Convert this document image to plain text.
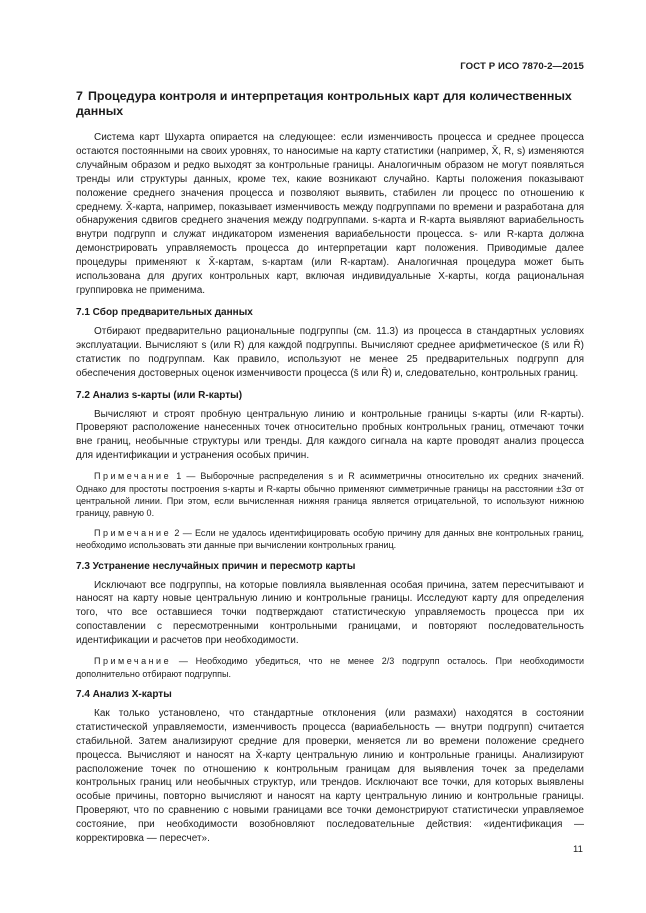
ГОСТ Р ИСО 7870-2—2015
7 Процедура контроля и интерпретация контрольных карт для количественных данных

Система карт Шухарта опирается на следующее: если изменчивость процесса и среднее процесса остаются постоянными на своих уровнях, то наносимые на карту статистики (например, X̄, R, s) изменяются случайным образом и редко выходят за контрольные границы. Аналогичным образом не могут появляться тренды или структуры данных, кроме тех, какие возникают случайно. Карты положения показывают положение среднего значения процесса и позволяют выявить, стабилен ли процесс по отношению к среднему. X̄-карта, например, показывает изменчивость между подгруппами по времени и разработана для обнаружения сдвигов среднего значения между подгруппами. s-карта и R-карта выявляют вариабельность внутри подгрупп и служат индикатором изменения вариабельности процесса. s- или R-карта должна демонстрировать управляемость процесса до интерпретации карт положения. Приводимые далее процедуры применяют к X̄-картам, s-картам (или R-картам). Аналогичная процедура может быть использована для других контрольных карт, включая индивидуальные X-карты, когда рациональная группировка не применима.

7.1 Сбор предварительных данных

Отбирают предварительно рациональные подгруппы (см. 11.3) из процесса в стандартных условиях эксплуатации. Вычисляют s (или R) для каждой подгруппы. Вычисляют среднее арифметическое (s̄ или R̄) статистик по подгруппам. Как правило, используют не менее 25 предварительных подгрупп для обеспечения достоверных оценок изменчивости процесса (s̄ или R̄) и, следовательно, контрольных границ.

7.2 Анализ s-карты (или R-карты)

Вычисляют и строят пробную центральную линию и контрольные границы s-карты (или R-карты). Проверяют расположение нанесенных точек относительно пробных контрольных границ, отмечают точки вне границ, необычные структуры или тренды. Для каждого сигнала на карте проводят анализ процесса для идентификации и устранения особых причин.

Примечание 1 — Выборочные распределения s и R асимметричны относительно их средних значений. Однако для простоты построения s-карты и R-карты обычно применяют симметричные границы на расстоянии ±3σ от центральной линии. При этом, если вычисленная нижняя граница является отрицательной, то используют нижнюю границу, равную 0.
Примечание 2 — Если не удалось идентифицировать особую причину для данных вне контрольных границ, необходимо использовать эти данные при вычислении контрольных границ.
7.3 Устранение неслучайных причин и пересмотр карты

Исключают все подгруппы, на которые повлияла выявленная особая причина, затем пересчитывают и наносят на карту новые центральную линию и контрольные границы. Исследуют карту для определения того, что все оставшиеся точки подтверждают статистическую управляемость процесса при их сопоставлении с пересмотренными контрольными границами, и повторяют последовательность идентификации и расчетов при необходимости.

Примечание — Необходимо убедиться, что не менее 2/3 подгрупп осталось. При необходимости дополнительно отбирают подгруппы.
7.4 Анализ X-карты

Как только установлено, что стандартные отклонения (или размахи) находятся в состоянии статистической управляемости, изменчивость процесса (вариабельность — внутри подгрупп) считается стабильной. Затем анализируют средние для проверки, меняется ли во времени положение среднего процесса. Вычисляют и наносят на X̄-карту центральную линию и контрольные границы. Анализируют расположение точек по отношению к контрольным границам для выявления точек за пределами контрольных границ или необычных структур, или трендов. Исключают все точки, для которых выявлены особые причины, повторно вычисляют и наносят на карту центральную линию и контрольные границы. Проверяют, что по сравнению с новыми границами все точки демонстрируют статистически управляемое состояние, при необходимости возобновляют последовательные действия: «идентификация — корректировка — пересчет».

11
